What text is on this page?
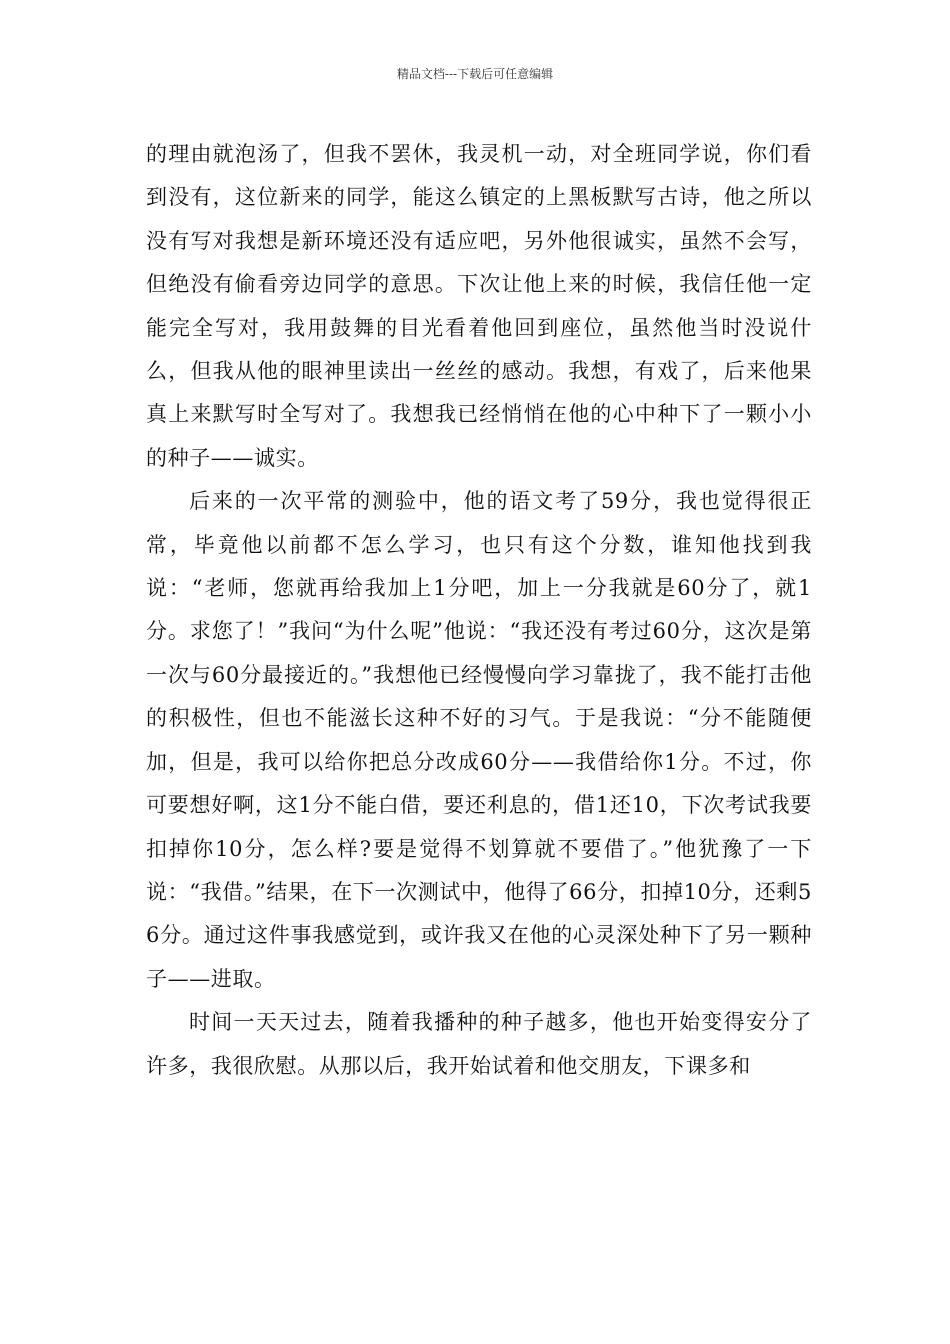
精品文档---下载后可任意编辑

的理由就泡汤了，但我不罢休，我灵机一动，对全班同学说，你们看到没有，这位新来的同学，能这么镇定的上黑板默写古诗，他之所以没有写对我想是新环境还没有适应吧，另外他很诚实，虽然不会写，但绝没有偷看旁边同学的意思。下次让他上来的时候，我信任他一定能完全写对，我用鼓舞的目光看着他回到座位，虽然他当时没说什么，但我从他的眼神里读出一丝丝的感动。我想，有戏了，后来他果真上来默写时全写对了。我想我已经悄悄在他的心中种下了一颗小小的种子——诚实。

后来的一次平常的测验中，他的语文考了59分，我也觉得很正常，毕竟他以前都不怎么学习，也只有这个分数，谁知他找到我说：“老师，您就再给我加上1分吧，加上一分我就是60分了，就1分。求您了！”我问“为什么呢”他说：“我还没有考过60分，这次是第一次与60分最接近的。”我想他已经慢慢向学习靠拢了，我不能打击他的积极性，但也不能滋长这种不好的习气。于是我说：“分不能随便加，但是，我可以给你把总分改成60分——我借给你1分。不过，你可要想好啊，这1分不能白借，要还利息的，借1还10，下次考试我要扣掉你10分，怎么样?要是觉得不划算就不要借了。”他犹豫了一下说：“我借。”结果，在下一次测试中，他得了66分，扣掉10分，还剩56分。通过这件事我感觉到，或许我又在他的心灵深处种下了另一颗种子——进取。

时间一天天过去，随着我播种的种子越多，他也开始变得安分了许多，我很欣慰。从那以后，我开始试着和他交朋友，下课多和
